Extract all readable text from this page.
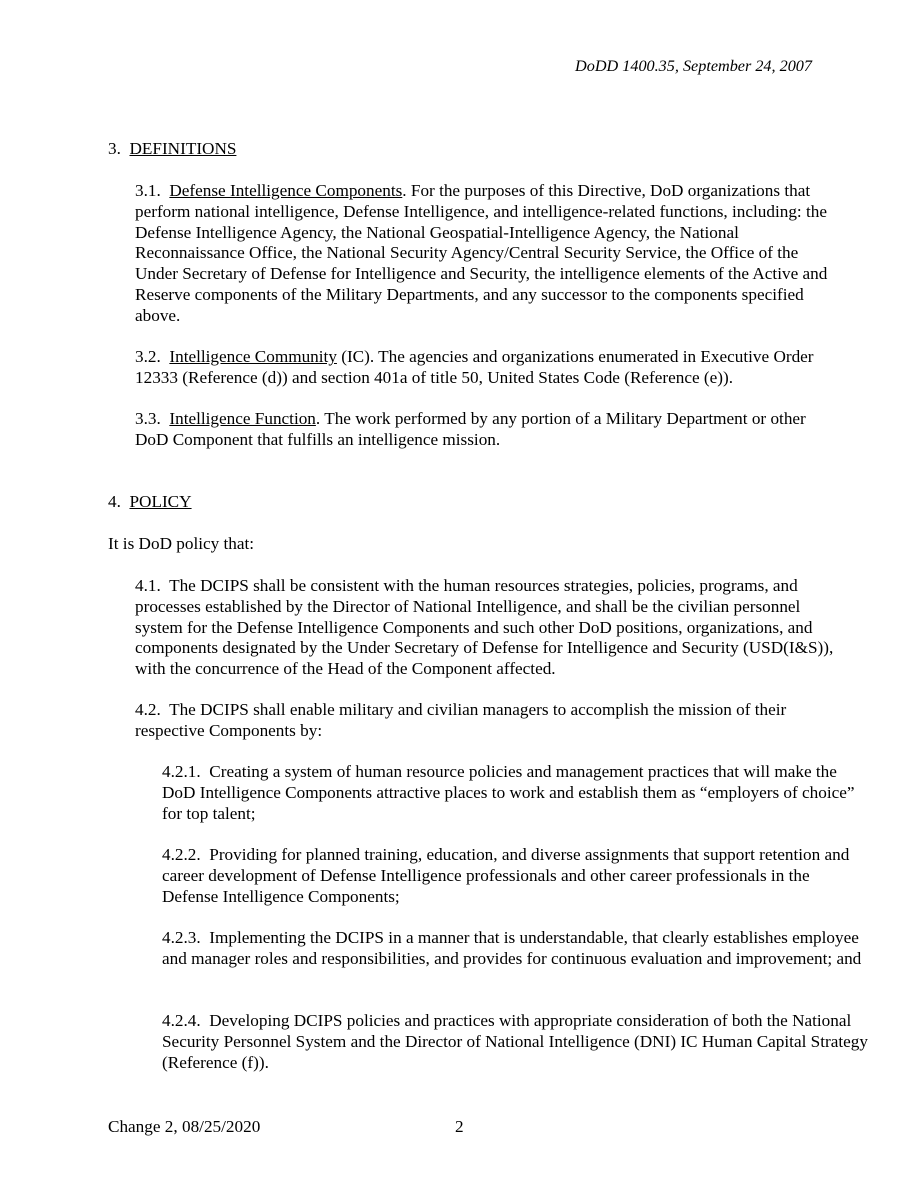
DoDD 1400.35, September 24, 2007

3. DEFINITIONS

3.1. Defense Intelligence Components. For the purposes of this Directive, DoD organizations that perform national intelligence, Defense Intelligence, and intelligence-related functions, including: the Defense Intelligence Agency, the National Geospatial-Intelligence Agency, the National Reconnaissance Office, the National Security Agency/Central Security Service, the Office of the Under Secretary of Defense for Intelligence and Security, the intelligence elements of the Active and Reserve components of the Military Departments, and any successor to the components specified above.

3.2. Intelligence Community (IC). The agencies and organizations enumerated in Executive Order 12333 (Reference (d)) and section 401a of title 50, United States Code (Reference (e)).

3.3. Intelligence Function. The work performed by any portion of a Military Department or other DoD Component that fulfills an intelligence mission.

4. POLICY

It is DoD policy that:

4.1. The DCIPS shall be consistent with the human resources strategies, policies, programs, and processes established by the Director of National Intelligence, and shall be the civilian personnel system for the Defense Intelligence Components and such other DoD positions, organizations, and components designated by the Under Secretary of Defense for Intelligence and Security (USD(I&S)), with the concurrence of the Head of the Component affected.

4.2. The DCIPS shall enable military and civilian managers to accomplish the mission of their respective Components by:

4.2.1. Creating a system of human resource policies and management practices that will make the DoD Intelligence Components attractive places to work and establish them as “employers of choice” for top talent;

4.2.2. Providing for planned training, education, and diverse assignments that support retention and career development of Defense Intelligence professionals and other career professionals in the Defense Intelligence Components;

4.2.3. Implementing the DCIPS in a manner that is understandable, that clearly establishes employee and manager roles and responsibilities, and provides for continuous evaluation and improvement; and

4.2.4. Developing DCIPS policies and practices with appropriate consideration of both the National Security Personnel System and the Director of National Intelligence (DNI) IC Human Capital Strategy (Reference (f)).

Change 2, 08/25/2020	2
